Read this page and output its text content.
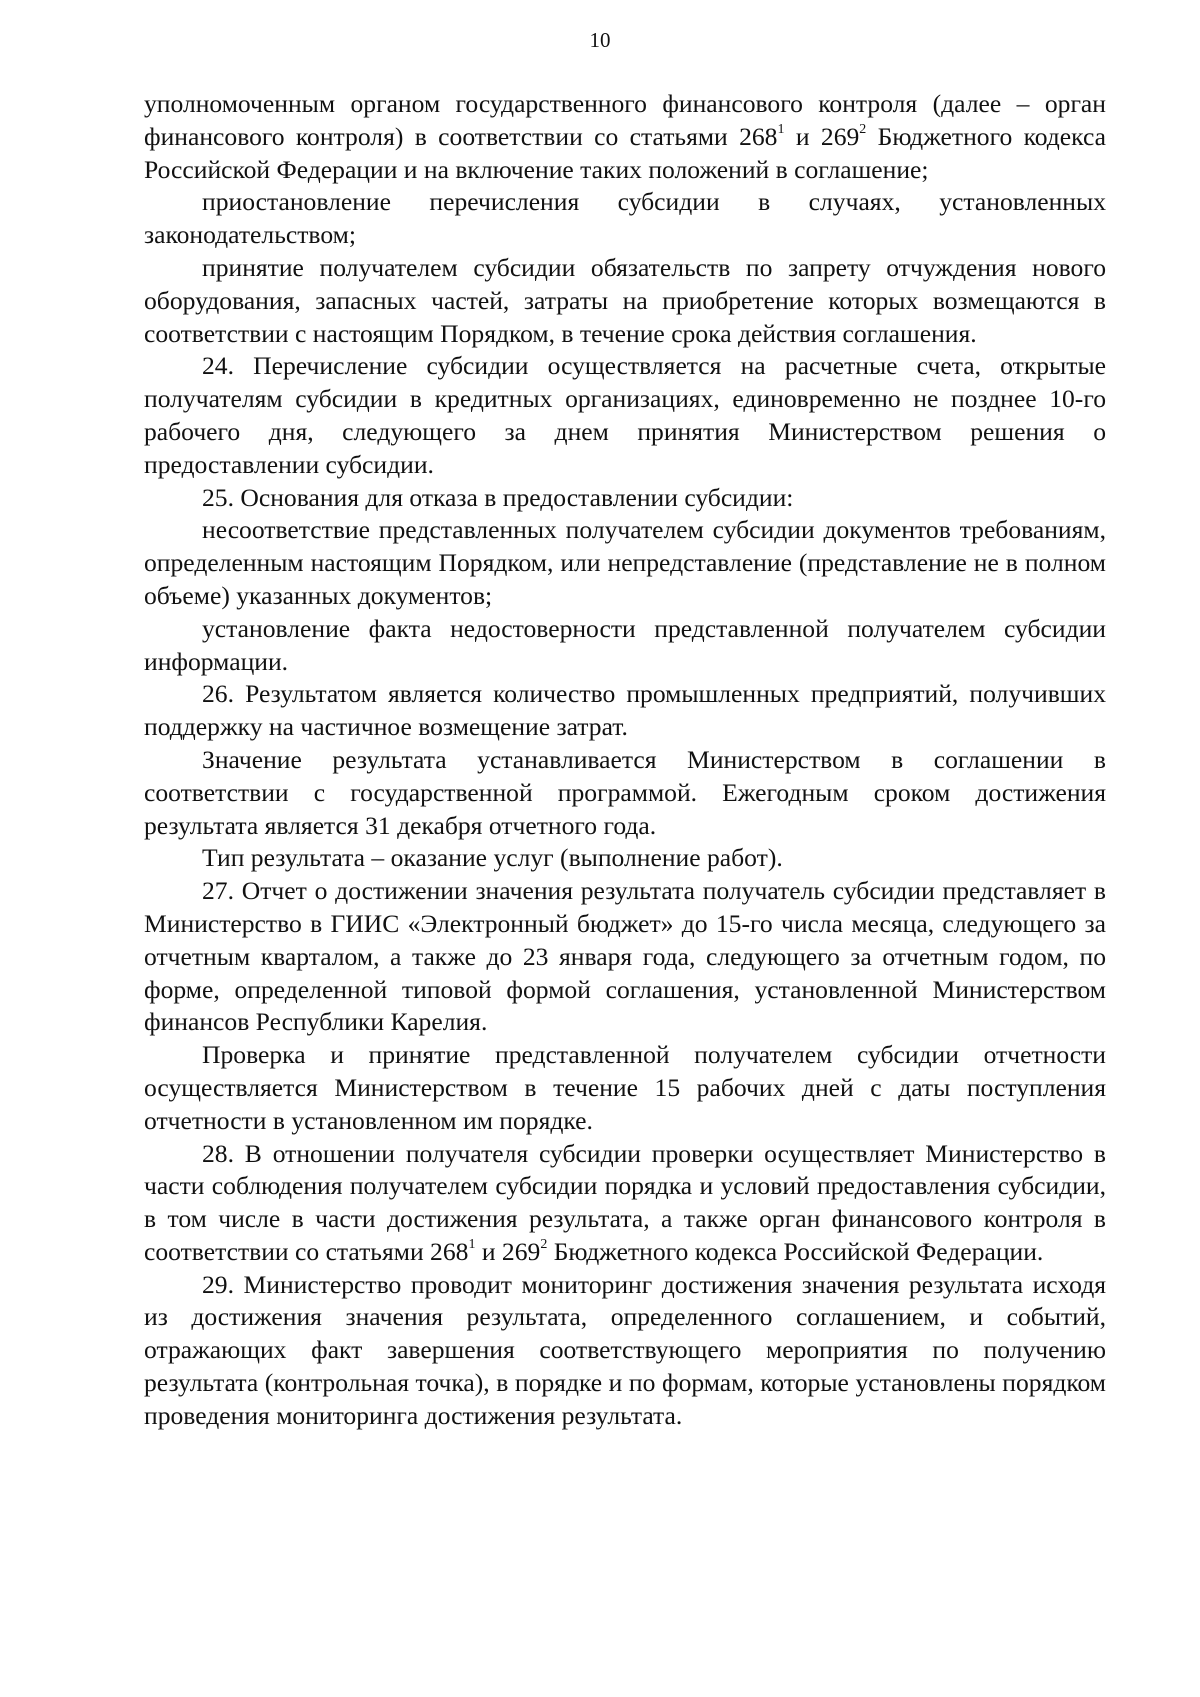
10

уполномоченным органом государственного финансового контроля (далее – орган финансового контроля) в соответствии со статьями $268^1$ и $269^2$ Бюджетного кодекса Российской Федерации и на включение таких положений в соглашение;

приостановление перечисления субсидии в случаях, установленных законодательством;

принятие получателем субсидии обязательств по запрету отчуждения нового оборудования, запасных частей, затраты на приобретение которых возмещаются в соответствии с настоящим Порядком, в течение срока действия соглашения.

24. Перечисление субсидии осуществляется на расчетные счета, открытые получателям субсидии в кредитных организациях, единовременно не позднее 10-го рабочего дня, следующего за днем принятия Министерством решения о предоставлении субсидии.

25. Основания для отказа в предоставлении субсидии:

несоответствие представленных получателем субсидии документов требованиям, определенным настоящим Порядком, или непредставление (представление не в полном объеме) указанных документов;

установление факта недостоверности представленной получателем субсидии информации.

26. Результатом является количество промышленных предприятий, получивших поддержку на частичное возмещение затрат.

Значение результата устанавливается Министерством в соглашении в соответствии с государственной программой. Ежегодным сроком достижения результата является 31 декабря отчетного года.

Тип результата – оказание услуг (выполнение работ).

27. Отчет о достижении значения результата получатель субсидии представляет в Министерство в ГИИС «Электронный бюджет» до 15-го числа месяца, следующего за отчетным кварталом, а также до 23 января года, следующего за отчетным годом, по форме, определенной типовой формой соглашения, установленной Министерством финансов Республики Карелия.

Проверка и принятие представленной получателем субсидии отчетности осуществляется Министерством в течение 15 рабочих дней с даты поступления отчетности в установленном им порядке.

28. В отношении получателя субсидии проверки осуществляет Министерство в части соблюдения получателем субсидии порядка и условий предоставления субсидии, в том числе в части достижения результата, а также орган финансового контроля в соответствии со статьями $268^1$ и $269^2$ Бюджетного кодекса Российской Федерации.

29. Министерство проводит мониторинг достижения значения результата исходя из достижения значения результата, определенного соглашением, и событий, отражающих факт завершения соответствующего мероприятия по получению результата (контрольная точка), в порядке и по формам, которые установлены порядком проведения мониторинга достижения результата.
